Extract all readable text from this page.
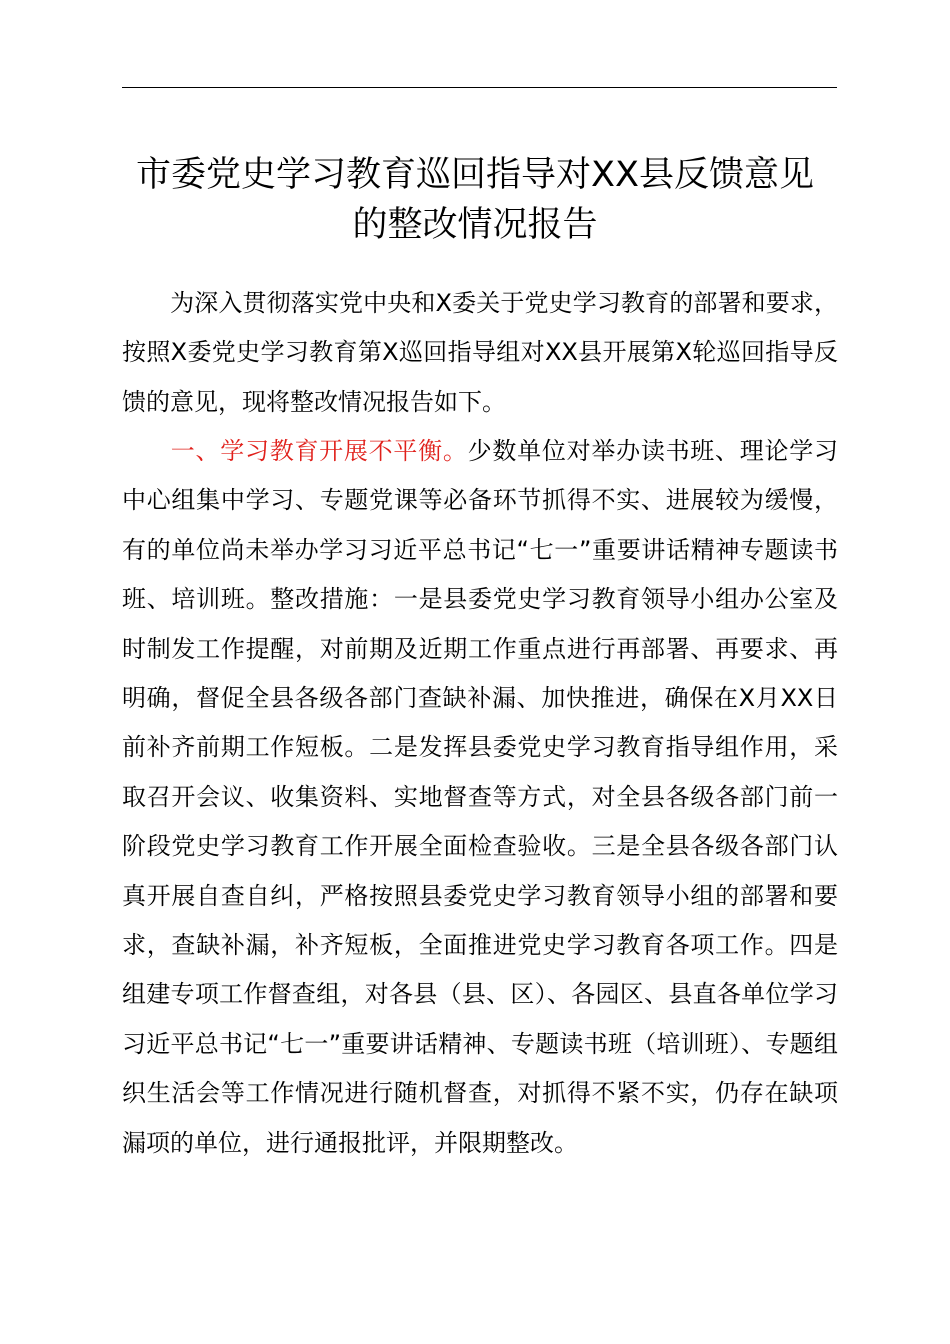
市委党史学习教育巡回指导对XX县反馈意见
的整改情况报告

为深入贯彻落实党中央和X委关于党史学习教育的部署和要求，按照X委党史学习教育第X巡回指导组对XX县开展第X轮巡回指导反馈的意见，现将整改情况报告如下。

一、学习教育开展不平衡。少数单位对举办读书班、理论学习中心组集中学习、专题党课等必备环节抓得不实、进展较为缓慢，有的单位尚未举办学习习近平总书记“七一”重要讲话精神专题读书班、培训班。整改措施：一是县委党史学习教育领导小组办公室及时制发工作提醒，对前期及近期工作重点进行再部署、再要求、再明确，督促全县各级各部门查缺补漏、加快推进，确保在X月XX日前补齐前期工作短板。二是发挥县委党史学习教育指导组作用，采取召开会议、收集资料、实地督查等方式，对全县各级各部门前一阶段党史学习教育工作开展全面检查验收。三是全县各级各部门认真开展自查自纠，严格按照县委党史学习教育领导小组的部署和要求，查缺补漏，补齐短板，全面推进党史学习教育各项工作。四是组建专项工作督查组，对各县（县、区）、各园区、县直各单位学习习近平总书记“七一”重要讲话精神、专题读书班（培训班）、专题组织生活会等工作情况进行随机督查，对抓得不紧不实，仍存在缺项漏项的单位，进行通报批评，并限期整改。
